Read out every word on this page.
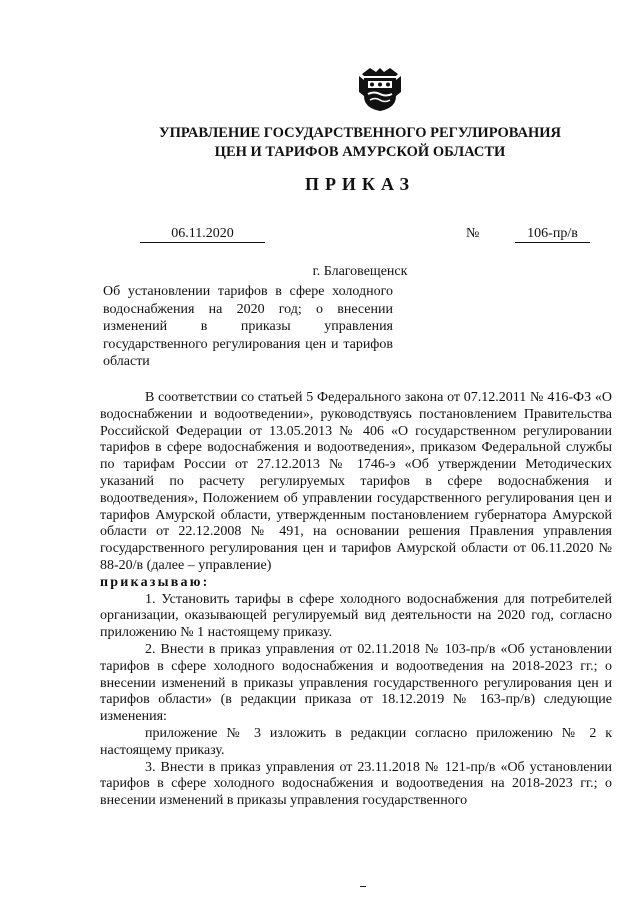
УПРАВЛЕНИЕ ГОСУДАРСТВЕННОГО РЕГУЛИРОВАНИЯ
ЦЕН И ТАРИФОВ АМУРСКОЙ ОБЛАСТИ
ПРИКАЗ
06.11.2020	№	106-пр/в
г. Благовещенск
Об установлении тарифов в сфере холодного водоснабжения на 2020 год; о внесении изменений в приказы управления государственного регулирования цен и тарифов области

В соответствии со статьей 5 Федерального закона от 07.12.2011 № 416-ФЗ «О водоснабжении и водоотведении», руководствуясь постановлением Правительства Российской Федерации от 13.05.2013 № 406 «О государственном регулировании тарифов в сфере водоснабжения и водоотведения», приказом Федеральной службы по тарифам России от 27.12.2013 № 1746-э «Об утверждении Методических указаний по расчету регулируемых тарифов в сфере водоснабжения и водоотведения», Положением об управлении государственного регулирования цен и тарифов Амурской области, утвержденным постановлением губернатора Амурской области от 22.12.2008 № 491, на основании решения Правления управления государственного регулирования цен и тарифов Амурской области от 06.11.2020 № 88-20/в (далее – управление)

приказываю:

1. Установить тарифы в сфере холодного водоснабжения для потребителей организации, оказывающей регулируемый вид деятельности на 2020 год, согласно приложению № 1 настоящему приказу.

2. Внести в приказ управления от 02.11.2018 № 103-пр/в «Об установлении тарифов в сфере холодного водоснабжения и водоотведения на 2018-2023 гг.; о внесении изменений в приказы управления государственного регулирования цен и тарифов области» (в редакции приказа от 18.12.2019 № 163-пр/в) следующие изменения:

приложение № 3 изложить в редакции согласно приложению № 2 к настоящему приказу.

3. Внести в приказ управления от 23.11.2018 № 121-пр/в «Об установлении тарифов в сфере холодного водоснабжения и водоотведения на 2018-2023 гг.; о внесении изменений в приказы управления государственного
